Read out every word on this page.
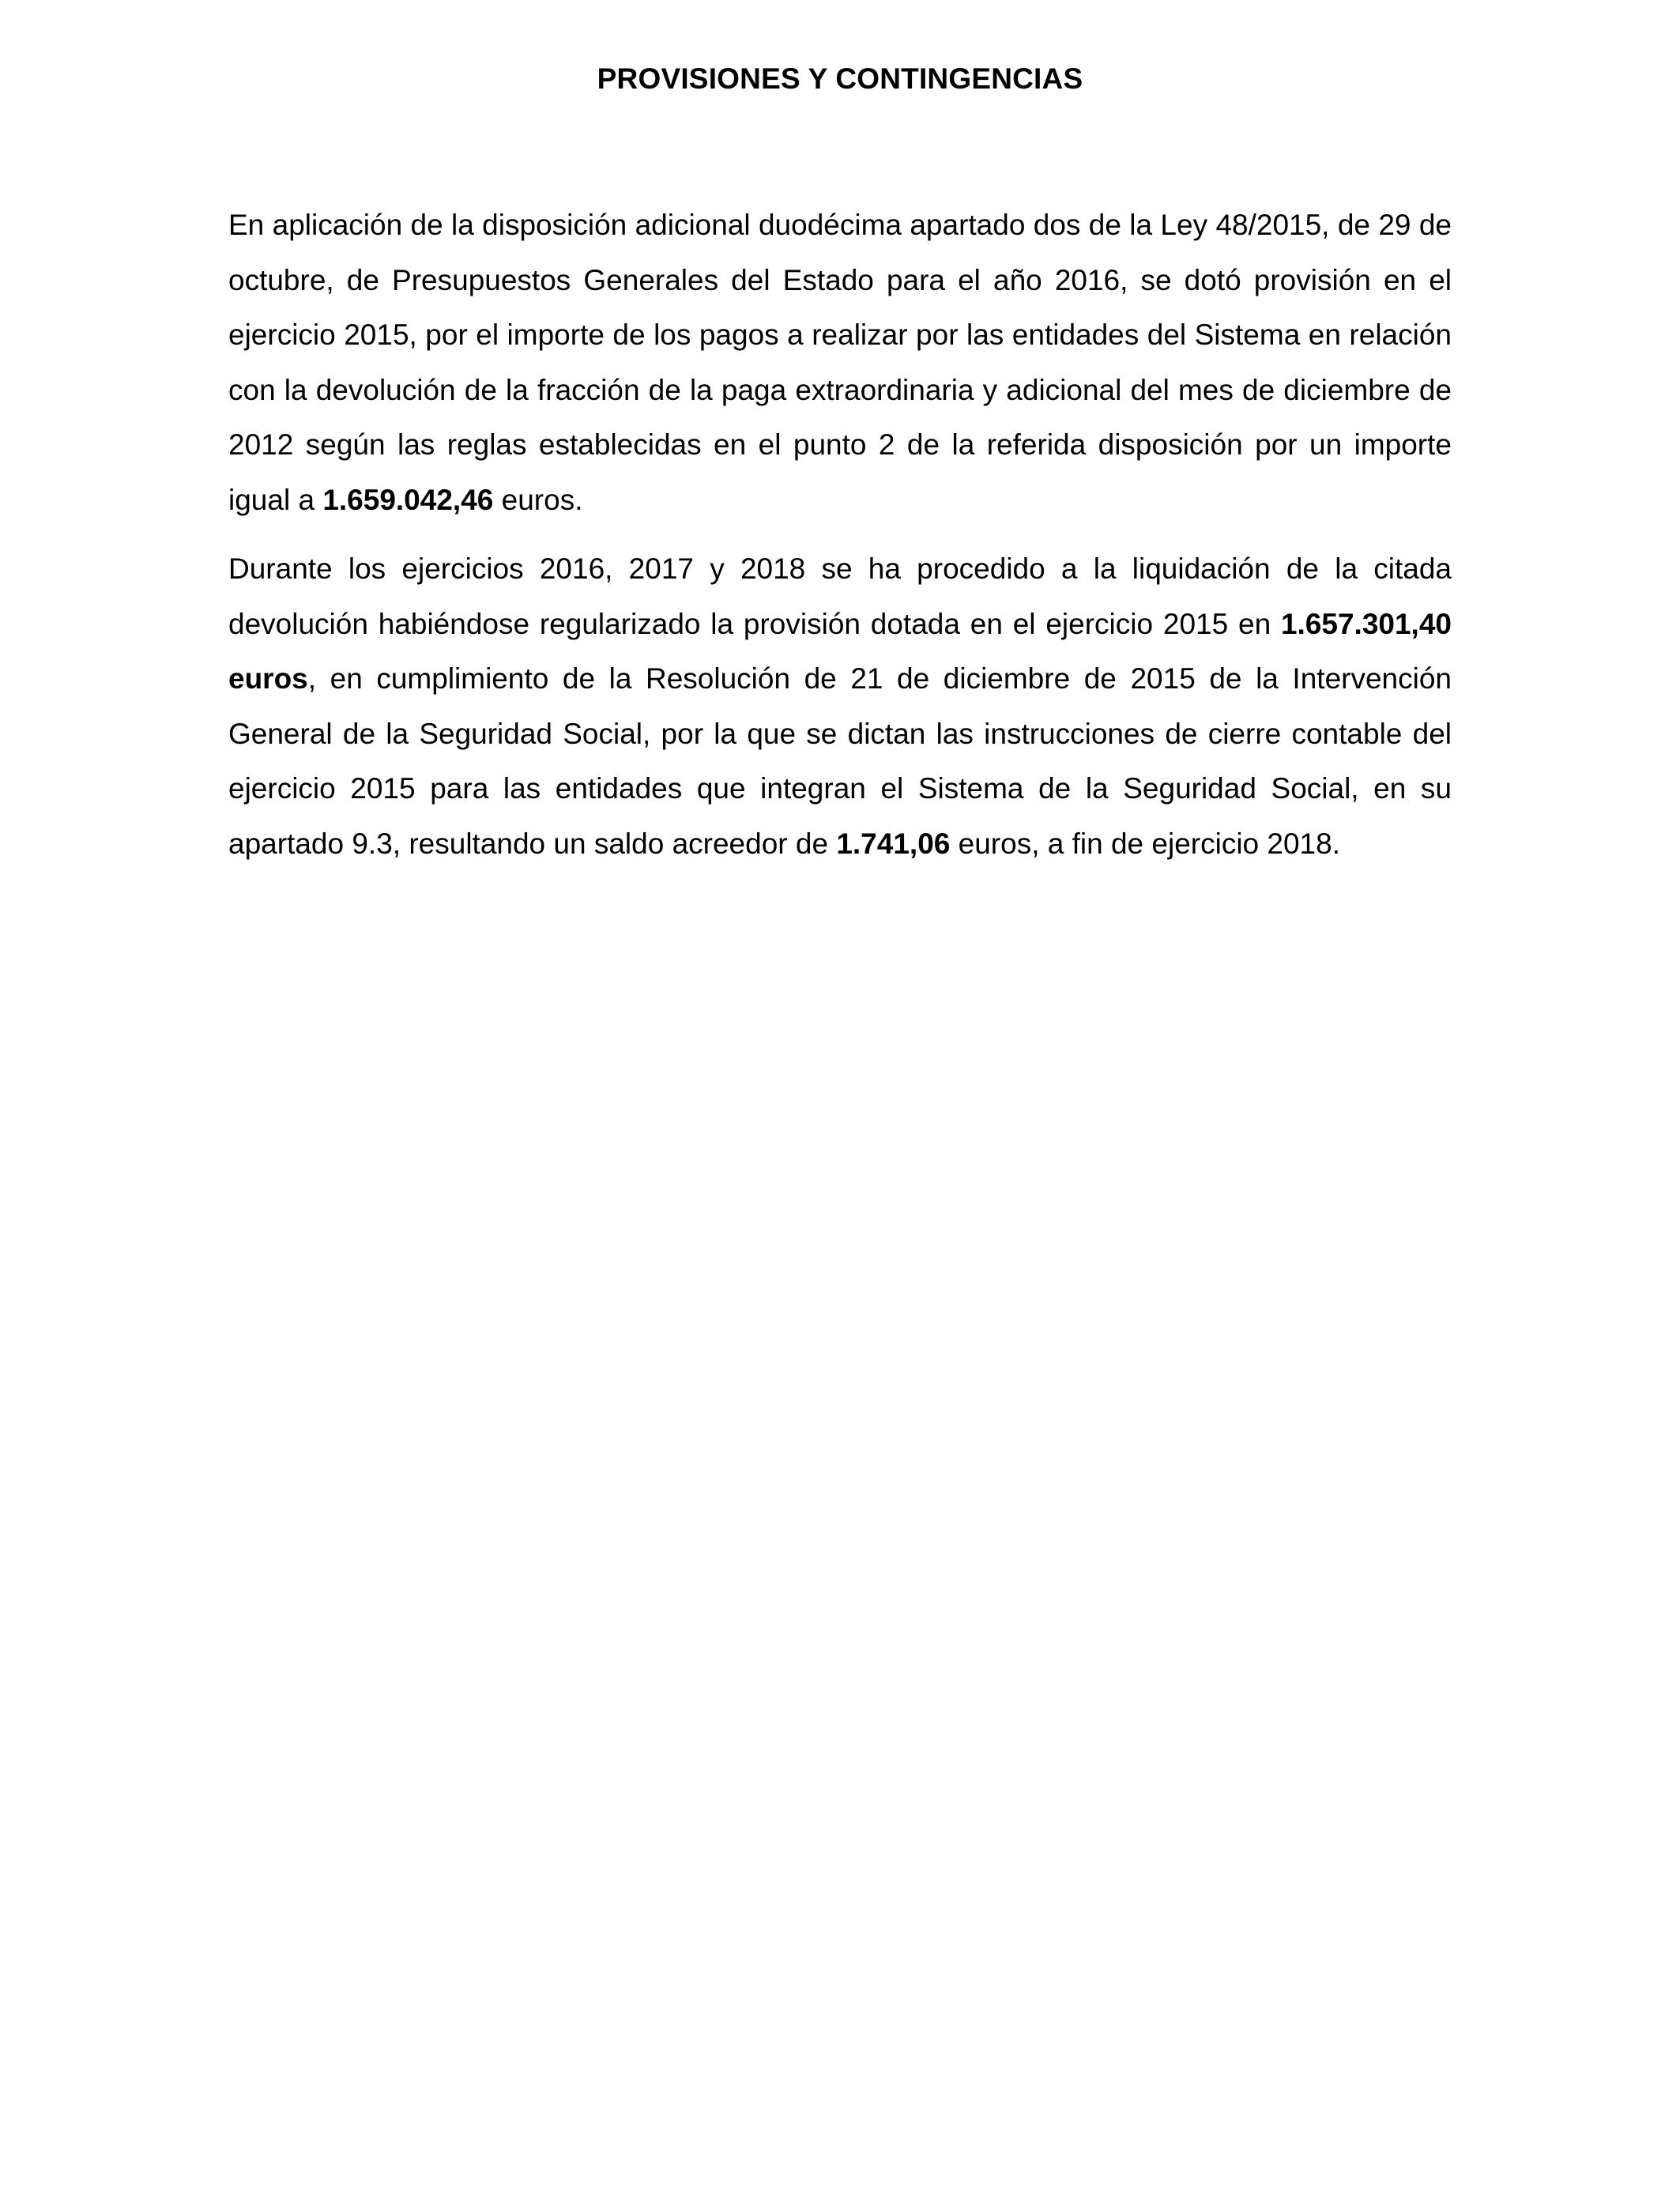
PROVISIONES Y CONTINGENCIAS

En aplicación de la disposición adicional duodécima apartado dos de la Ley 48/2015, de 29 de octubre, de Presupuestos Generales del Estado para el año 2016, se dotó provisión en el ejercicio 2015, por el importe de los pagos a realizar por las entidades del Sistema en relación con la devolución de la fracción de la paga extraordinaria y adicional del mes de diciembre de 2012 según las reglas establecidas en el punto 2 de la referida disposición por un importe igual a 1.659.042,46 euros.

Durante los ejercicios 2016, 2017 y 2018 se ha procedido a la liquidación de la citada devolución habiéndose regularizado la provisión dotada en el ejercicio 2015 en 1.657.301,40 euros, en cumplimiento de la Resolución de 21 de diciembre de 2015 de la Intervención General de la Seguridad Social, por la que se dictan las instrucciones de cierre contable del ejercicio 2015 para las entidades que integran el Sistema de la Seguridad Social, en su apartado 9.3, resultando un saldo acreedor de 1.741,06 euros, a fin de ejercicio 2018.
